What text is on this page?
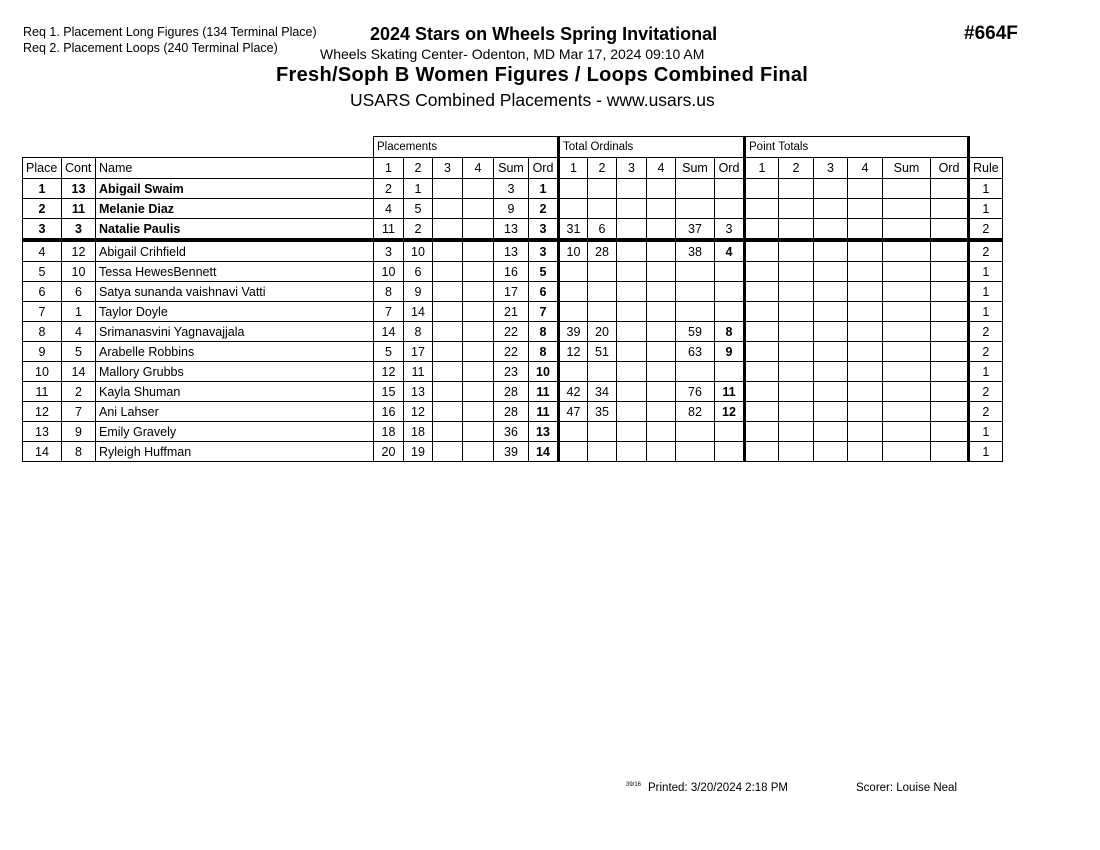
Req 1. Placement Long Figures (134 Terminal Place)
Req 2. Placement Loops (240 Terminal Place)
2024 Stars on Wheels Spring Invitational
Wheels Skating Center- Odenton, MD Mar 17, 2024 09:10 AM
Fresh/Soph B Women Figures / Loops Combined Final
USARS Combined Placements - www.usars.us
#664F
			Placements						Total Ordinals						Point Totals						
Place	Cont	Name	1	2	3	4	Sum	Ord	1	2	3	4	Sum	Ord	1	2	3	4	Sum	Ord	Rule
1	13	Abigail Swaim	2	1			3	1													1
2	11	Melanie Diaz	4	5			9	2													1
3	3	Natalie Paulis	11	2			13	3	31	6			37	3							2
4	12	Abigail Crihfield	3	10			13	3	10	28			38	4							2
5	10	Tessa HewesBennett	10	6			16	5													1
6	6	Satya sunanda vaishnavi Vatti	8	9			17	6													1
7	1	Taylor Doyle	7	14			21	7													1
8	4	Srimanasvini Yagnavajjala	14	8			22	8	39	20			59	8							2
9	5	Arabelle Robbins	5	17			22	8	12	51			63	9							2
10	14	Mallory Grubbs	12	11			23	10													1
11	2	Kayla Shuman	15	13			28	11	42	34			76	11							2
12	7	Ani Lahser	16	12			28	11	47	35			82	12							2
13	9	Emily Gravely	18	18			36	13													1
14	8	Ryleigh Huffman	20	19			39	14													1
39/16 Printed: 3/20/2024 2:18 PM	Scorer: Louise Neal
